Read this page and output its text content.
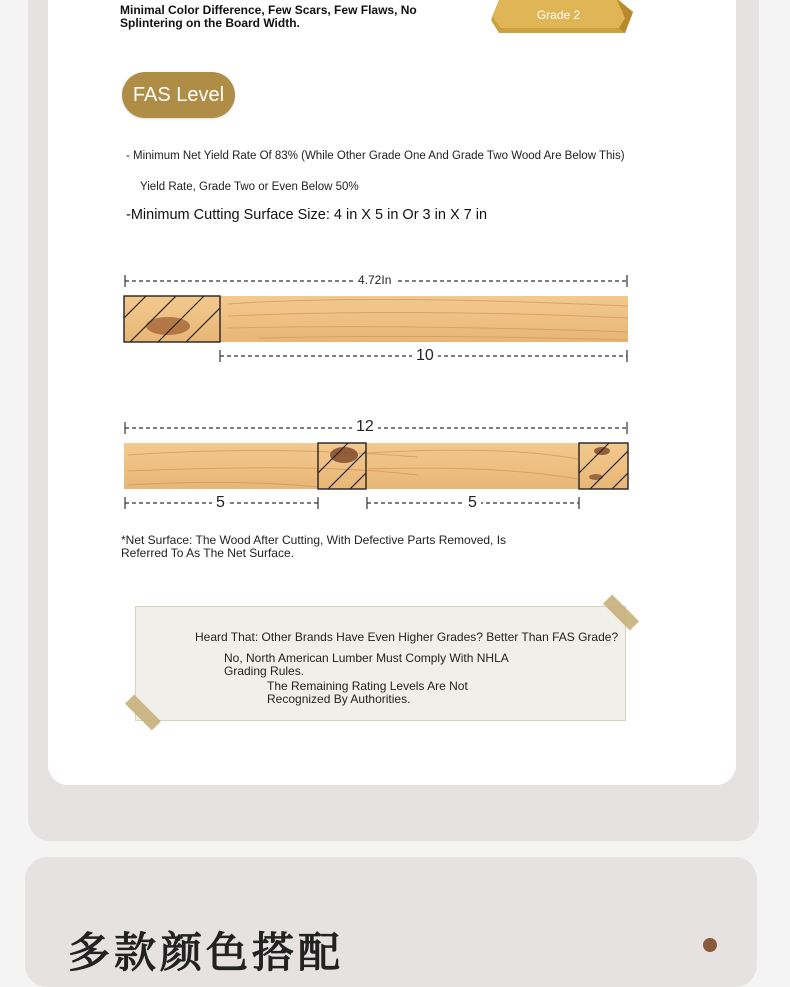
Minimal Color Difference, Few Scars, Few Flaws, No
Splintering on the Board Width.
Grade 2
FAS Level
- Minimum Net Yield Rate Of 83% (While Other Grade One And Grade Two Wood Are Below This)
Yield Rate, Grade Two or Even Below 50%
-Minimum Cutting Surface Size: 4 in X 5 in Or 3 in X 7 in
4.72In
10
12
5	5
*Net Surface: The Wood After Cutting, With Defective Parts Removed, Is
Referred To As The Net Surface.
Heard That: Other Brands Have Even Higher Grades? Better Than FAS Grade?
No, North American Lumber Must Comply With NHLA
Grading Rules.
The Remaining Rating Levels Are Not
Recognized By Authorities.
多款颜色搭配
